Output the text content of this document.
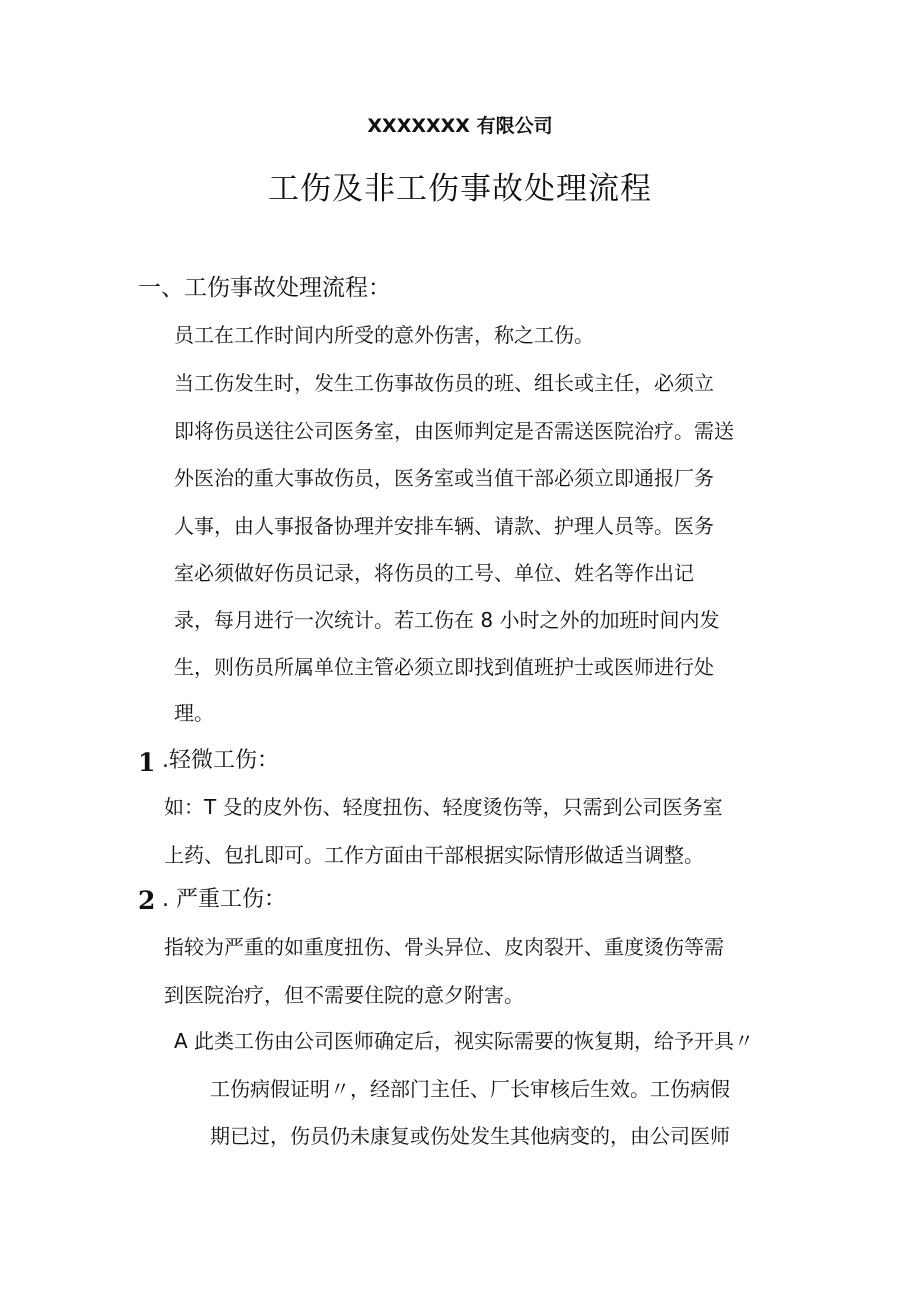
XXXXXXX 有限公司
工伤及非工伤事故处理流程
一、工伤事故处理流程：
员工在工作时间内所受的意外伤害，称之工伤。
当工伤发生时，发生工伤事故伤员的班、组长或主任，必须立
即将伤员送往公司医务室，由医师判定是否需送医院治疗。需送
外医治的重大事故伤员，医务室或当值干部必须立即通报厂务
人事，由人事报备协理并安排车辆、请款、护理人员等。医务
室必须做好伤员记录，将伤员的工号、单位、姓名等作出记
录，每月进行一次统计。若工伤在 8 小时之外的加班时间内发
生，则伤员所属单位主管必须立即找到值班护士或医师进行处
理。
1 .轻微工伤：
如：T 殳的皮外伤、轻度扭伤、轻度烫伤等，只需到公司医务室
上药、包扎即可。工作方面由干部根据实际情形做适当调整。
2 . 严重工伤：
指较为严重的如重度扭伤、骨头异位、皮肉裂开、重度烫伤等需
到医院治疗，但不需要住院的意夕附害。
A 此类工伤由公司医师确定后，视实际需要的恢复期，给予开具〃
工伤病假证明〃，经部门主任、厂长审核后生效。工伤病假
期已过，伤员仍未康复或伤处发生其他病变的，由公司医师
